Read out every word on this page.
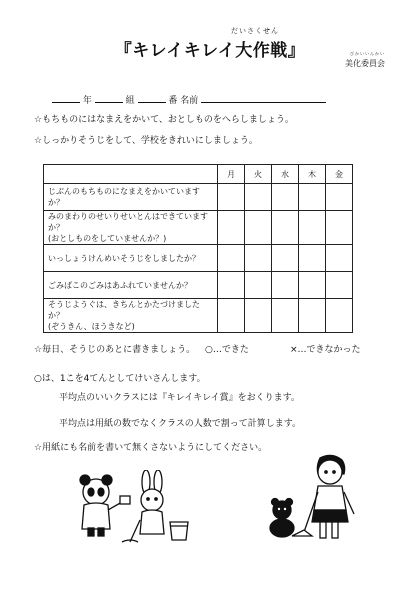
『キレイキレイ大作戦』
だいさくせん
びかいいんかい
美化委員会
年	組	番 名前
☆もちものにはなまえをかいて、おとしものをへらしましょう。
☆しっかりそうじをして、学校をきれいにしましょう。
	月	火	水	木	金

じぶんのもちものになまえをかいていますか？					

みのまわりのせいりせいとんはできていますか？
(おとしものをしていませんか？)					

いっしょうけんめいそうじをしましたか？					

ごみばこのごみはあふれていませんか？					

そうじようぐは、きちんとかたづけましたか？
(ぞうきん、ほうきなど)					

☆毎日、そうじのあとに書きましょう。 ○…できた	×…できなかった
○は、1こを4てんとしてけいさんします。
平均点のいいクラスには『キレイキレイ賞』をおくります。
平均点は用紙の数でなくクラスの人数で割って計算します。
☆用紙にも名前を書いて無くさないようにしてください。
